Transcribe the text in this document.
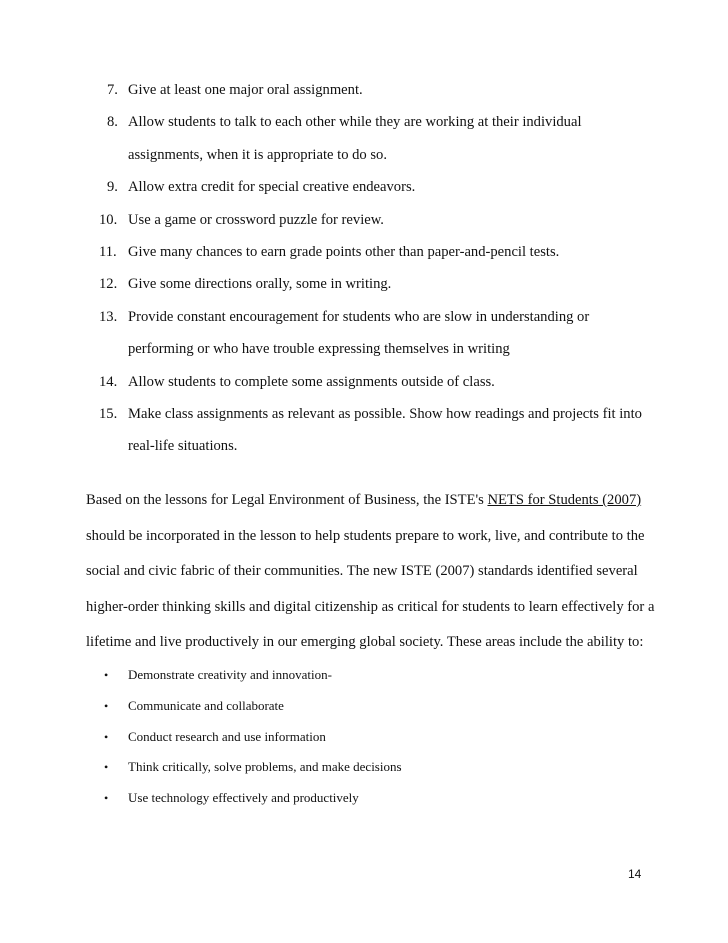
7. Give at least one major oral assignment.
8. Allow students to talk to each other while they are working at their individual
assignments, when it is appropriate to do so.
9. Allow extra credit for special creative endeavors.
10. Use a game or crossword puzzle for review.
11. Give many chances to earn grade points other than paper-and-pencil tests.
12. Give some directions orally, some in writing.
13. Provide constant encouragement for students who are slow in understanding or
performing or who have trouble expressing themselves in writing
14. Allow students to complete some assignments outside of class.
15. Make class assignments as relevant as possible. Show how readings and projects fit into
real-life situations.

Based on the lessons for Legal Environment of Business, the ISTE's NETS for Students (2007)
should be incorporated in the lesson to help students prepare to work, live, and contribute to the
social and civic fabric of their communities. The new ISTE (2007) standards identified several
higher-order thinking skills and digital citizenship as critical for students to learn effectively for a
lifetime and live productively in our emerging global society. These areas include the ability to:

• Demonstrate creativity and innovation-
• Communicate and collaborate
• Conduct research and use information
• Think critically, solve problems, and make decisions
• Use technology effectively and productively
14
